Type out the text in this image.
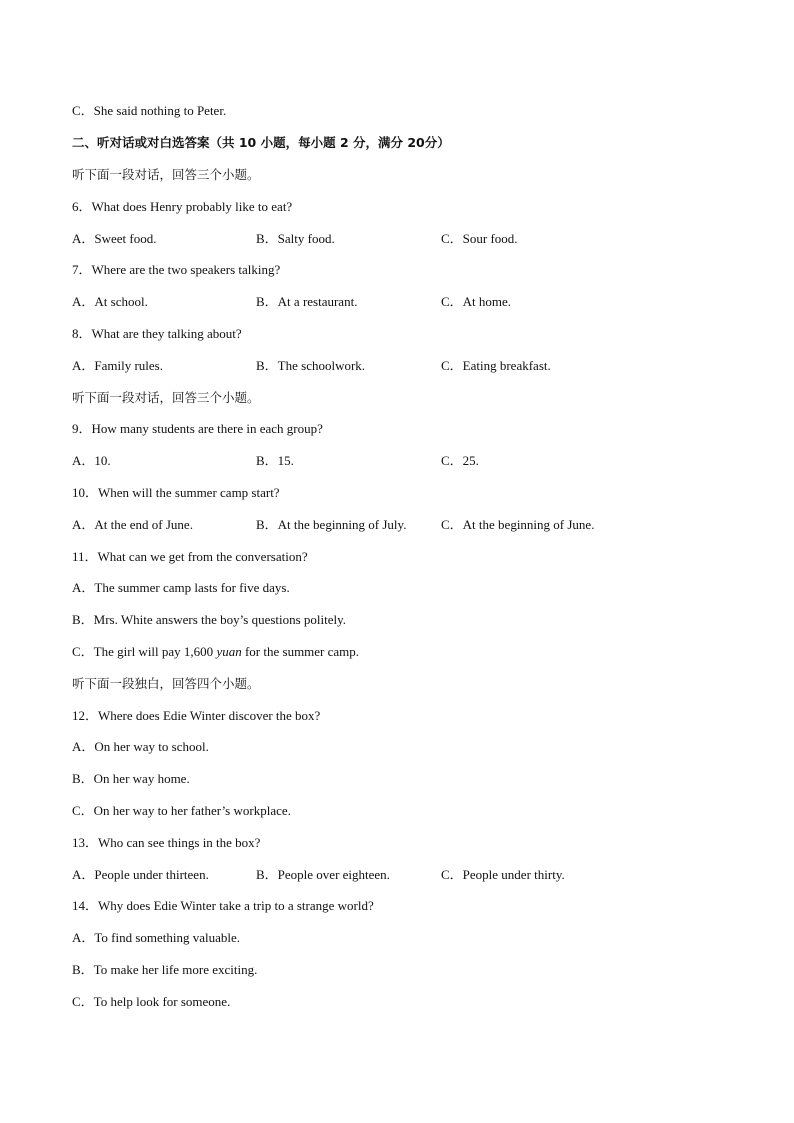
C．She said nothing to Peter.
二、听对话或对白选答案（共 10 小题，每小题 2 分，满分 20分）
听下面一段对话，回答三个小题。
6．What does Henry probably like to eat?
A．Sweet food.	B．Salty food.	C．Sour food.
7．Where are the two speakers talking?
A．At school.	B．At a restaurant.	C．At home.
8．What are they talking about?
A．Family rules.	B．The schoolwork.	C．Eating breakfast.
听下面一段对话，回答三个小题。
9．How many students are there in each group?
A．10.	B．15.	C．25.
10．When will the summer camp start?
A．At the end of June.	B．At the beginning of July.	C．At the beginning of June.
11．What can we get from the conversation?
A．The summer camp lasts for five days.
B．Mrs. White answers the boy’s questions politely.
C．The girl will pay 1,600 yuan for the summer camp.
听下面一段独白，回答四个小题。
12．Where does Edie Winter discover the box?
A．On her way to school.
B．On her way home.
C．On her way to her father’s workplace.
13．Who can see things in the box?
A．People under thirteen.	B．People over eighteen.	C．People under thirty.
14．Why does Edie Winter take a trip to a strange world?
A．To find something valuable.
B．To make her life more exciting.
C．To help look for someone.
